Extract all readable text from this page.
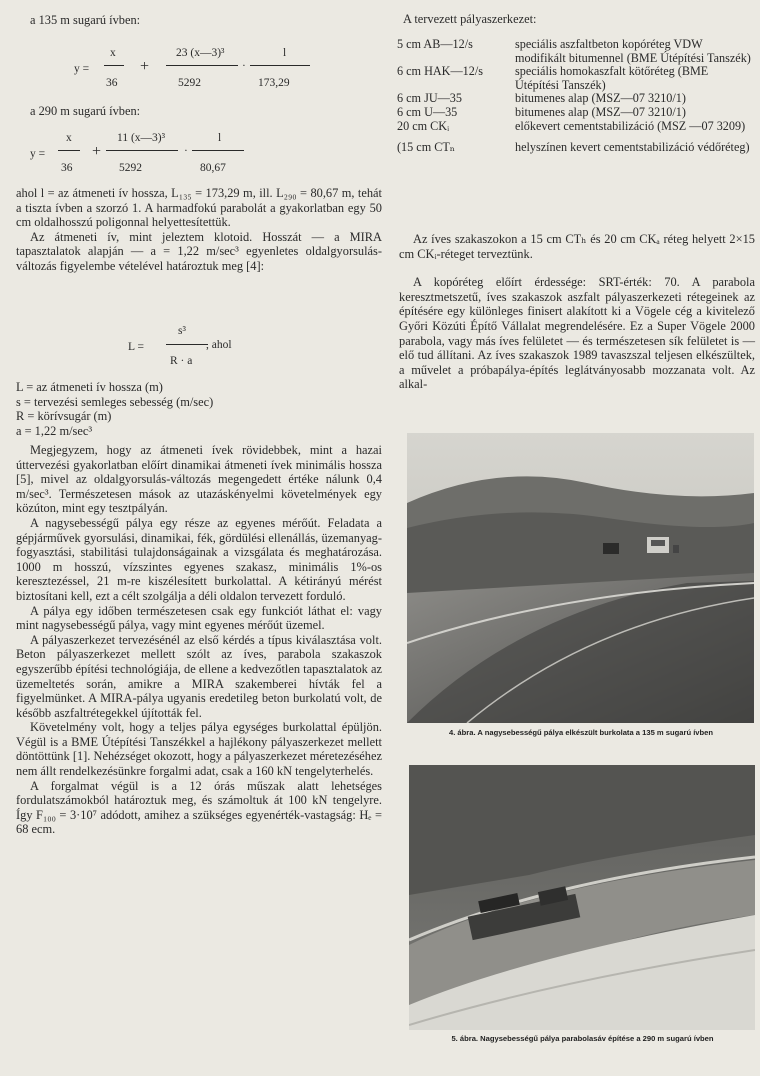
a 135 m sugarú ívben:

y =
x
36
+
23 (x—3)³
5292
·
l
173,29

a 290 m sugarú ívben:

y =
x
36
+
11 (x—3)³
5292
·
l
80,67

ahol l = az átmeneti ív hossza, L₁₃₅ = 173,29 m, ill. L₂₉₀ = 80,67 m, tehát a tiszta ívben a szorzó 1. A harmadfokú parabolát a gyakorlatban egy 50 cm oldalhosszú poligonnal helyettesítettük.

Az átmeneti ív, mint jeleztem klotoid. Hosszát — a MIRA tapasztalatok alapján — a = 1,22 m/sec³ egyenletes oldalgyorsulás-változás figyelembe vételével határoztuk meg [4]:

L =
s³
R · a
, ahol

L = az átmeneti ív hossza (m)

s = tervezési semleges sebesség (m/sec)

R = körívsugár (m)

a = 1,22 m/sec³

Megjegyzem, hogy az átmeneti ívek rövidebbek, mint a hazai úttervezési gyakorlatban előírt dinamikai átmeneti ívek minimális hossza [5], mivel az oldalgyorsulás-változás megengedett értéke nálunk 0,4 m/sec³. Természetesen mások az utazáskényelmi követelmények egy közúton, mint egy tesztpályán.

A nagysebességű pálya egy része az egyenes mérőút. Feladata a gépjárművek gyorsulási, dinamikai, fék, gördülési ellenállás, üzemanyag-fogyasztási, stabilitási tulajdonságainak a vizsgálata és meghatározása. 1000 m hosszú, vízszintes egyenes szakasz, minimális 1%-os keresztezéssel, 21 m-re kiszélesített burkolattal. A kétirányú mérést biztosítani kell, ezt a célt szolgálja a déli oldalon tervezett forduló.

A pálya egy időben természetesen csak egy funkciót láthat el: vagy mint nagysebességű pálya, vagy mint egyenes mérőút üzemel.

A pályaszerkezet tervezésénél az első kérdés a típus kiválasztása volt. Beton pályaszerkezet mellett szólt az íves, parabola szakaszok egyszerűbb építési technológiája, de ellene a kedvezőtlen tapasztalatok az üzemeltetés során, amikre a MIRA szakemberei hívták fel a figyelmünket. A MIRA-pálya ugyanis eredetileg beton burkolatú volt, de később aszfaltrétegekkel újították fel.

Követelmény volt, hogy a teljes pálya egységes burkolattal épüljön. Végül is a BME Útépítési Tanszékkel a hajlékony pályaszerkezet mellett döntöttünk [1]. Nehézséget okozott, hogy a pályaszerkezet méretezéséhez nem állt rendelkezésünkre forgalmi adat, csak a 160 kN tengelyterhelés.

A forgalmat végül is a 12 órás műszak alatt lehetséges fordulatszámokból határoztuk meg, és számoltuk át 100 kN tengelyre. Így F₁₀₀ = 3·10⁷ adódott, amihez a szükséges egyenérték-vastagság: Hₑ = 68 ecm.

A tervezett pályaszerkezet:

5 cm AB—12/s	speciális aszfaltbeton kopóréteg VDW modifikált bitumennel (BME Útépítési Tanszék)
6 cm HAK—12/s	speciális homokaszfalt kötőréteg (BME Útépítési Tanszék)
6 cm JU—35	bitumenes alap (MSZ—07 3210/1)
6 cm U—35	bitumenes alap (MSZ—07 3210/1)
20 cm CKᵢ	előkevert cementstabilizáció (MSZ —07 3209)
(15 cm CTₙ	helyszínen kevert cementstabilizáció védőréteg)

Az íves szakaszokon a 15 cm CTₕ és 20 cm CKₐ réteg helyett 2×15 cm CKᵢ-réteget terveztünk.

A kopóréteg előírt érdessége: SRT-érték: 70. A parabola keresztmetszetű, íves szakaszok aszfalt pályaszerkezeti rétegeinek az építésére egy különleges finisert alakított ki a Vögele cég a kivitelező Győri Közúti Építő Vállalat megrendelésére. Ez a Super Vögele 2000 parabola, vagy más íves felületet — és természetesen sík felületet is — elő tud állítani. Az íves szakaszok 1989 tavaszszal teljesen elkészültek, a művelet a próbapálya-építés leglátványosabb mozzanata volt. Az alkal-

4. ábra. A nagysebességű pálya elkészült burkolata a 135 m sugarú ívben
5. ábra. Nagysebességű pálya parabolasáv építése a 290 m sugarú ívben
